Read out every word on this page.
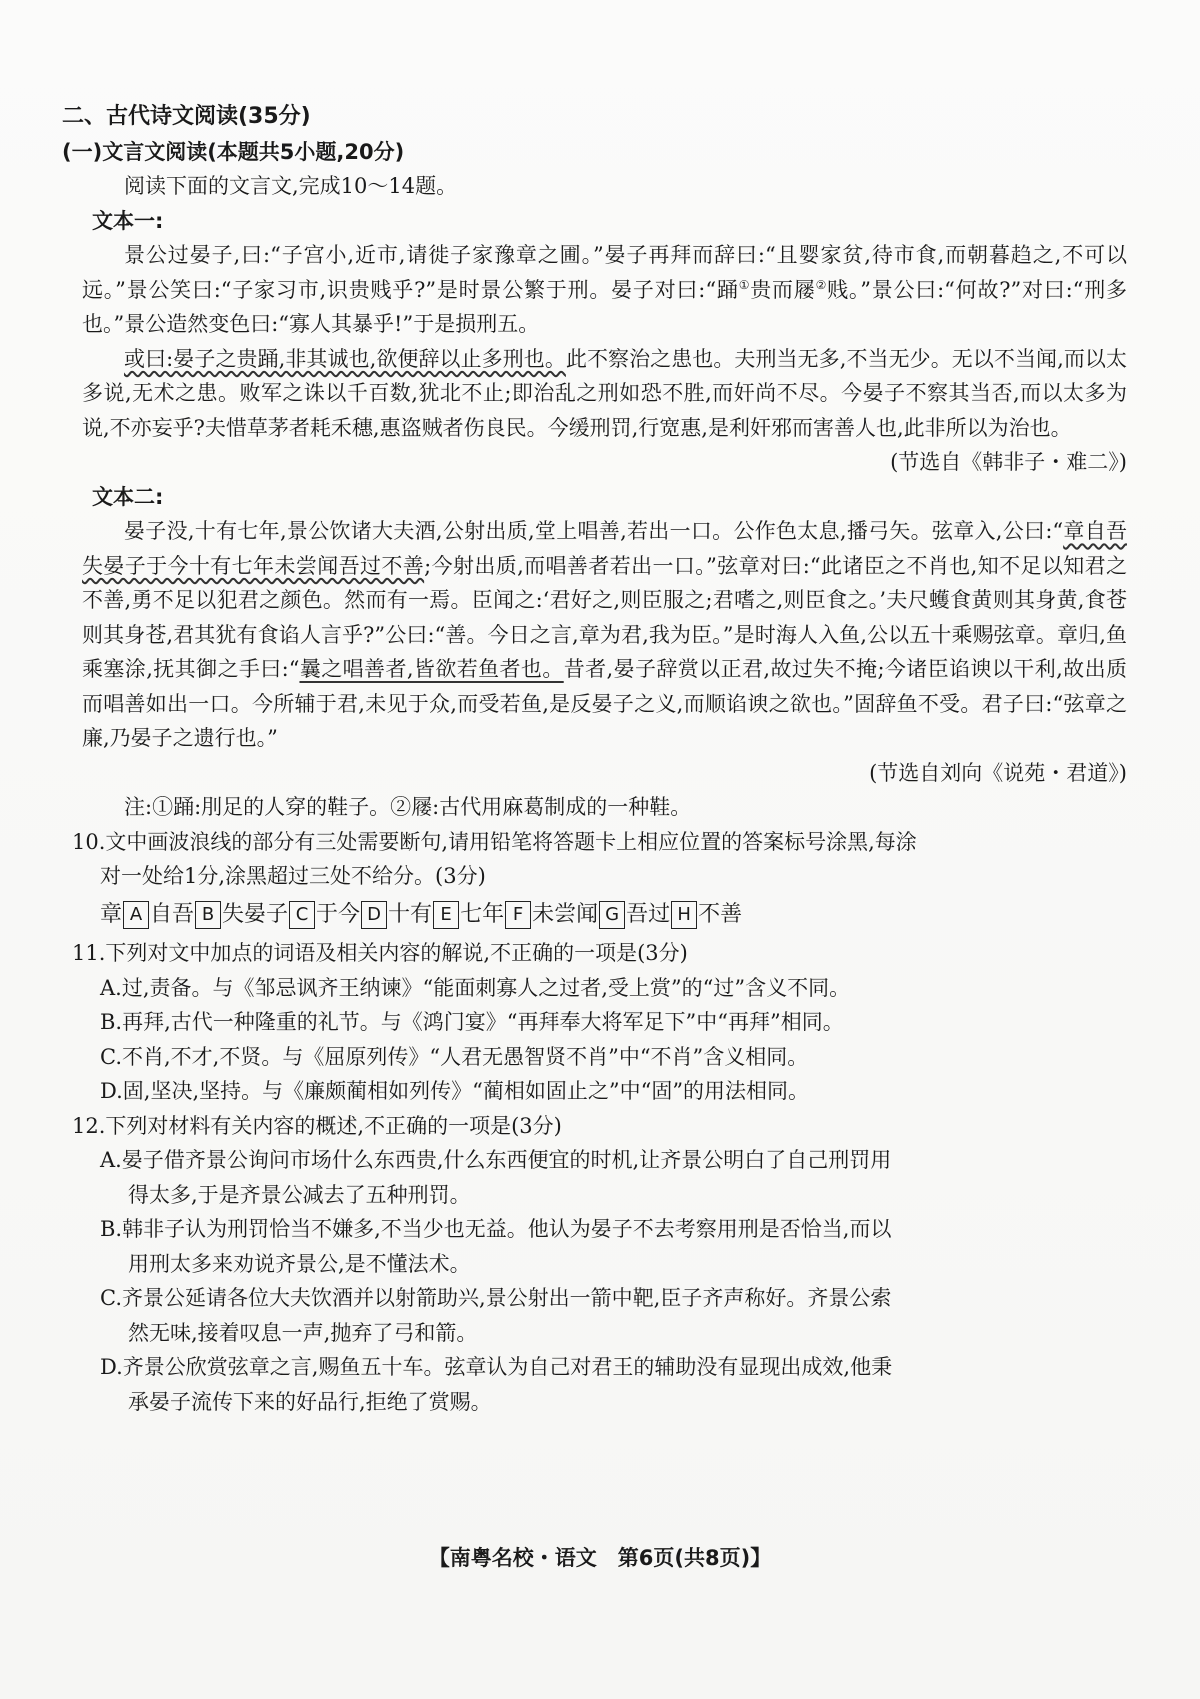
二、古代诗文阅读(35分)
(一)文言文阅读(本题共5小题,20分)
阅读下面的文言文,完成10～14题。
文本一:

景公过晏子,曰:“子宫小,近市,请徙子家豫章之圃。”晏子再拜而辞曰:“且婴家贫,待市食,而朝暮趋之,不可以远。”景公笑曰:“子家习市,识贵贱乎?”是时景公繁于刑。晏子对曰:“踊①贵而屦②贱。”景公曰:“何故?”对曰:“刑多也。”景公造然变色曰:“寡人其暴乎!”于是损刑五。

或曰:晏子之贵踊,非其诚也,欲便辞以止多刑也。此不察治之患也。夫刑当无多,不当无少。无以不当闻,而以太多说,无术之患。败军之诛以千百数,犹北不止;即治乱之刑如恐不胜,而奸尚不尽。今晏子不察其当否,而以太多为说,不亦妄乎?夫惜草茅者耗禾穗,惠盗贼者伤良民。今缓刑罚,行宽惠,是利奸邪而害善人也,此非所以为治也。

(节选自《韩非子・难二》)

文本二:

晏子没,十有七年,景公饮诸大夫酒,公射出质,堂上唱善,若出一口。公作色太息,播弓矢。弦章入,公曰:“章自吾失晏子于今十有七年未尝闻吾过不善;今射出质,而唱善者若出一口。”弦章对曰:“此诸臣之不肖也,知不足以知君之不善,勇不足以犯君之颜色。然而有一焉。臣闻之:‘君好之,则臣服之;君嗜之,则臣食之。’夫尺蠖食黄则其身黄,食苍则其身苍,君其犹有食谄人言乎?”公曰:“善。今日之言,章为君,我为臣。”是时海人入鱼,公以五十乘赐弦章。章归,鱼乘塞涂,抚其御之手曰:“曩之唱善者,皆欲若鱼者也。昔者,晏子辞赏以正君,故过失不掩;今诸臣谄谀以干利,故出质而唱善如出一口。今所辅于君,未见于众,而受若鱼,是反晏子之义,而顺谄谀之欲也。”固辞鱼不受。君子曰:“弦章之廉,乃晏子之遗行也。”

(节选自刘向《说苑・君道》)

注:①踊:刖足的人穿的鞋子。②屦:古代用麻葛制成的一种鞋。

10.文中画波浪线的部分有三处需要断句,请用铅笔将答题卡上相应位置的答案标号涂黑,每涂

对一处给1分,涂黑超过三处不给分。(3分)

章 A 自吾 B 失晏子 C 于今 D 十有 E 七年 F 未尝闻 G 吾过 H 不善

11.下列对文中加点的词语及相关内容的解说,不正确的一项是(3分)

A.过,责备。与《邹忌讽齐王纳谏》“能面刺寡人之过者,受上赏”的“过”含义不同。

B.再拜,古代一种隆重的礼节。与《鸿门宴》“再拜奉大将军足下”中“再拜”相同。

C.不肖,不才,不贤。与《屈原列传》“人君无愚智贤不肖”中“不肖”含义相同。

D.固,坚决,坚持。与《廉颇蔺相如列传》“蔺相如固止之”中“固”的用法相同。

12.下列对材料有关内容的概述,不正确的一项是(3分)

A.晏子借齐景公询问市场什么东西贵,什么东西便宜的时机,让齐景公明白了自己刑罚用

得太多,于是齐景公减去了五种刑罚。

B.韩非子认为刑罚恰当不嫌多,不当少也无益。他认为晏子不去考察用刑是否恰当,而以

用刑太多来劝说齐景公,是不懂法术。

C.齐景公延请各位大夫饮酒并以射箭助兴,景公射出一箭中靶,臣子齐声称好。齐景公索

然无味,接着叹息一声,抛弃了弓和箭。

D.齐景公欣赏弦章之言,赐鱼五十车。弦章认为自己对君王的辅助没有显现出成效,他秉

承晏子流传下来的好品行,拒绝了赏赐。

【南粤名校・语文　第6页(共8页)】
